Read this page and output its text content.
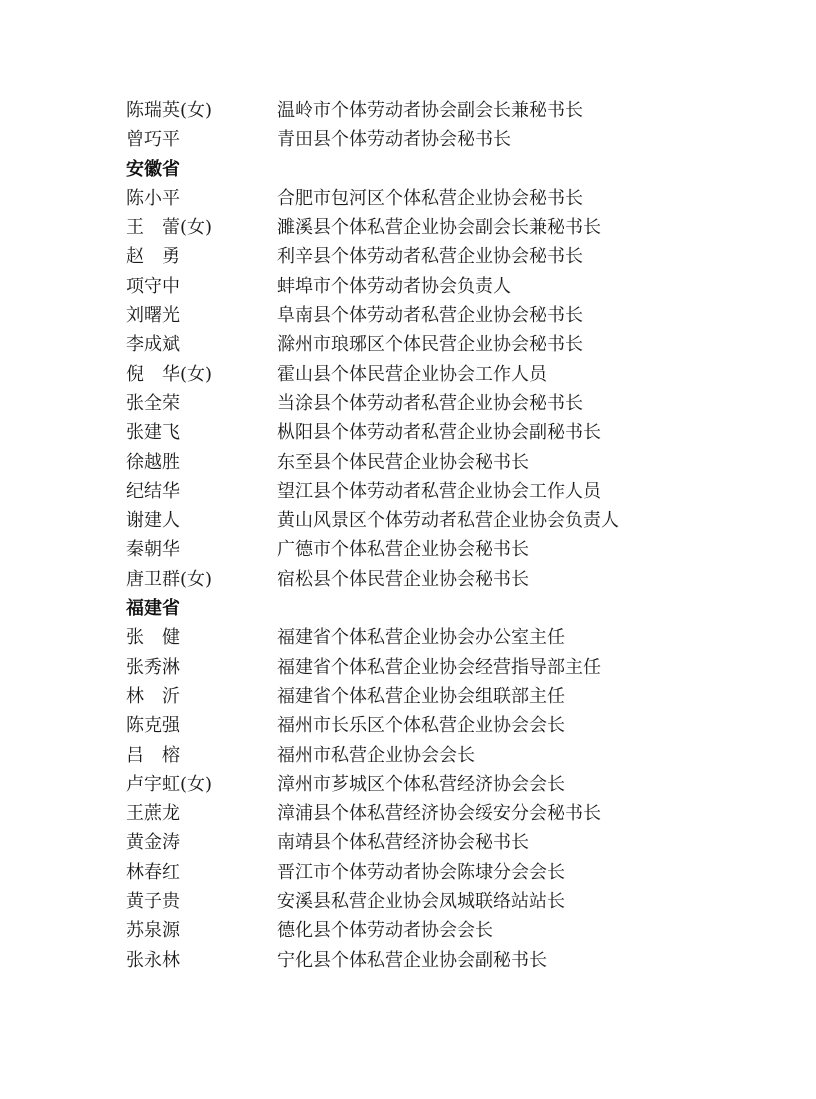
陈瑞英(女)	温岭市个体劳动者协会副会长兼秘书长
曾巧平	青田县个体劳动者协会秘书长
安徽省
陈小平	合肥市包河区个体私营企业协会秘书长
王　蕾(女)	濉溪县个体私营企业协会副会长兼秘书长
赵　勇	利辛县个体劳动者私营企业协会秘书长
项守中	蚌埠市个体劳动者协会负责人
刘曙光	阜南县个体劳动者私营企业协会秘书长
李成斌	滁州市琅琊区个体民营企业协会秘书长
倪　华(女)	霍山县个体民营企业协会工作人员
张全荣	当涂县个体劳动者私营企业协会秘书长
张建飞	枞阳县个体劳动者私营企业协会副秘书长
徐越胜	东至县个体民营企业协会秘书长
纪结华	望江县个体劳动者私营企业协会工作人员
谢建人	黄山风景区个体劳动者私营企业协会负责人
秦朝华	广德市个体私营企业协会秘书长
唐卫群(女)	宿松县个体民营企业协会秘书长
福建省
张　健	福建省个体私营企业协会办公室主任
张秀淋	福建省个体私营企业协会经营指导部主任
林　沂	福建省个体私营企业协会组联部主任
陈克强	福州市长乐区个体私营企业协会会长
吕　榕	福州市私营企业协会会长
卢宇虹(女)	漳州市芗城区个体私营经济协会会长
王蔗龙	漳浦县个体私营经济协会绥安分会秘书长
黄金涛	南靖县个体私营经济协会秘书长
林春红	晋江市个体劳动者协会陈埭分会会长
黄子贵	安溪县私营企业协会凤城联络站站长
苏泉源	德化县个体劳动者协会会长
张永林	宁化县个体私营企业协会副秘书长
